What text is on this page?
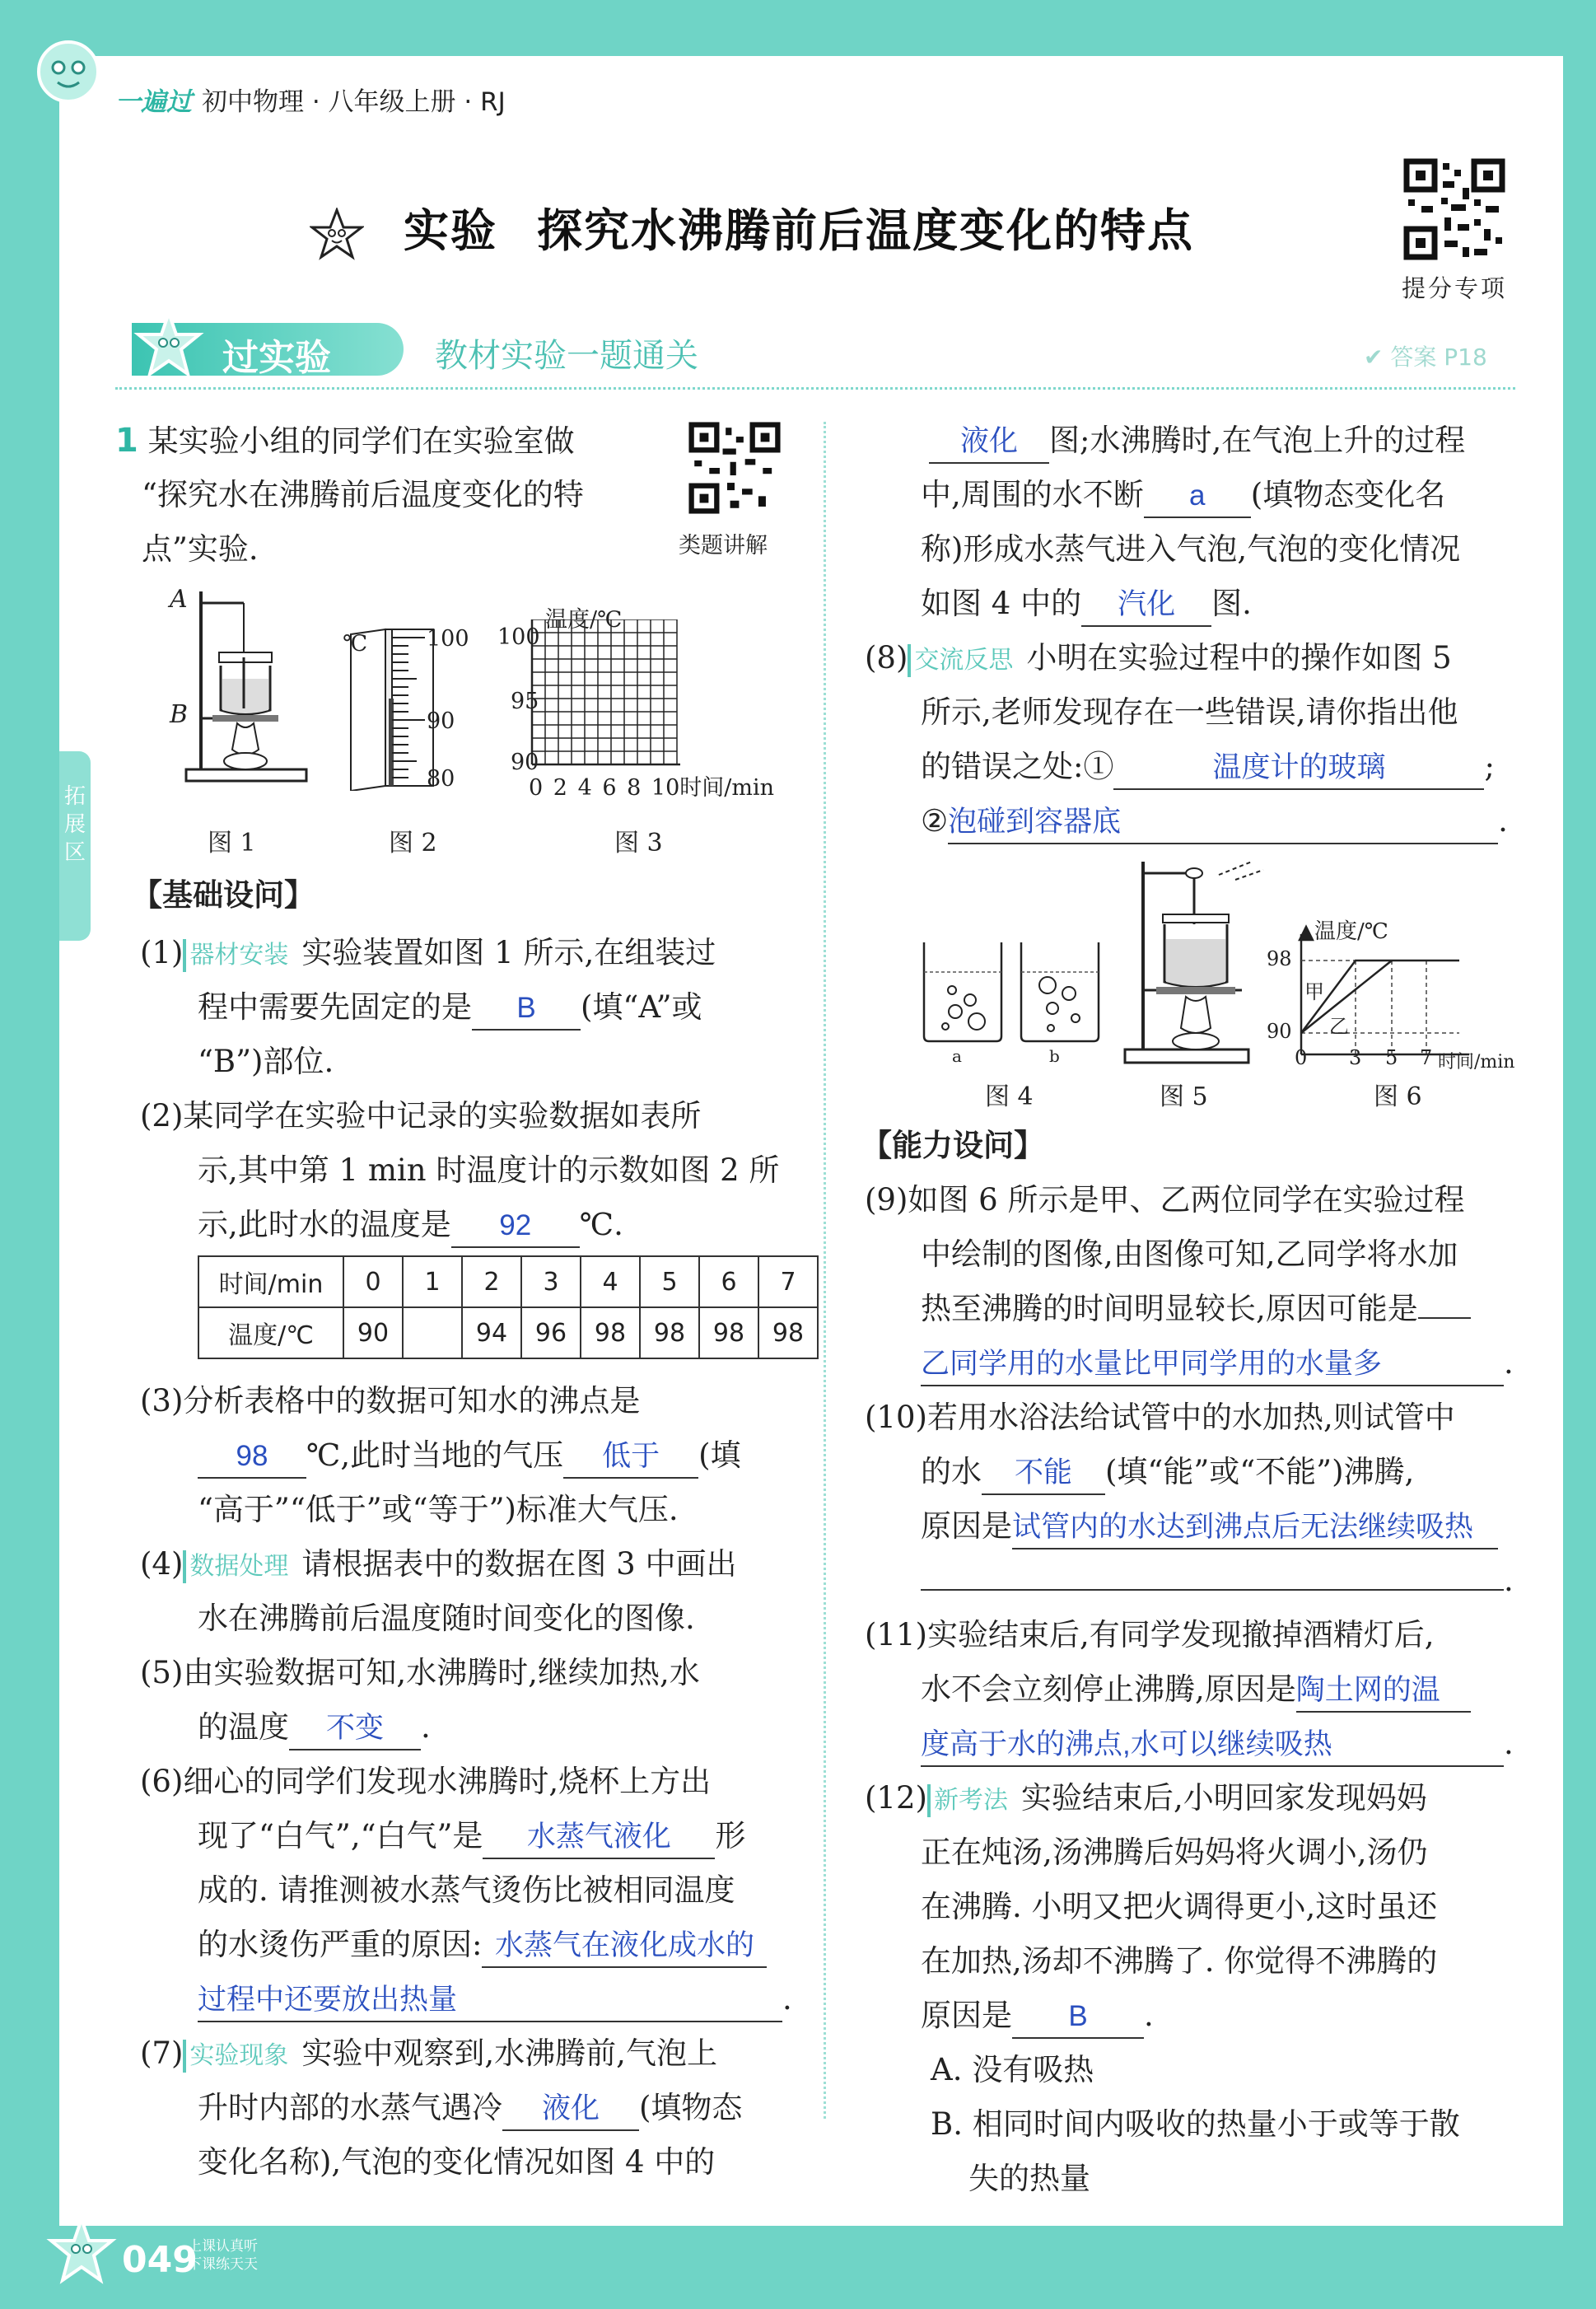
一遍过 初中物理 · 八年级上册 · RJ
实验 探究水沸腾前后温度变化的特点
提分专项
过实验	教材实验一题通关	✔ 答案 P18
拓展区
1 某实验小组的同学们在实验室做
“探究水在沸腾前后温度变化的特
点”实验.	类题讲解
A
B
℃	100
90
80
温度/℃
100
95
90
0 2 4 6 8 10时间/min
图 1	图 2	图 3
【基础设问】
(1) 器材安装 实验装置如图 1 所示,在组装过
程中需要先固定的是 B (填“A”或
“B”)部位.
(2)某同学在实验中记录的实验数据如表所
示,其中第 1 min 时温度计的示数如图 2 所
示,此时水的温度是 92 ℃.
时间/min	0	1	2	3	4	5	6	7
温度/℃	90		94	96	98	98	98	98
(3)分析表格中的数据可知水的沸点是
98 ℃,此时当地的气压 低于 (填
“高于”“低于”或“等于”)标准大气压.
(4) 数据处理 请根据表中的数据在图 3 中画出
水在沸腾前后温度随时间变化的图像.
(5)由实验数据可知,水沸腾时,继续加热,水
的温度 不变 .
(6)细心的同学们发现水沸腾时,烧杯上方出
现了“白气”,“白气”是 水蒸气液化 形
成的. 请推测被水蒸气烫伤比被相同温度
的水烫伤严重的原因: 水蒸气在液化成水的
过程中还要放出热量	.
(7) 实验现象 实验中观察到,水沸腾前,气泡上
升时内部的水蒸气遇冷 液化 (填物态
变化名称),气泡的变化情况如图 4 中的
液化 图;水沸腾时,在气泡上升的过程
中,周围的水不断 a (填物态变化名
称)形成水蒸气进入气泡,气泡的变化情况
如图 4 中的 汽化 图.
(8) 交流反思 小明在实验过程中的操作如图 5
所示,老师发现存在一些错误,请你指出他
的错误之处:①	温度计的玻璃	;
②泡碰到容器底	.
a	b
▲温度/℃
98
90
甲
乙
0 3 5 7 时间/min
图 4	图 5	图 6
【能力设问】
(9)如图 6 所示是甲、乙两位同学在实验过程
中绘制的图像,由图像可知,乙同学将水加
热至沸腾的时间明显较长,原因可能是
乙同学用的水量比甲同学用的水量多	.
(10)若用水浴法给试管中的水加热,则试管中
的水 不能 (填“能”或“不能”)沸腾,
原因是试管内的水达到沸点后无法继续吸热
.
(11)实验结束后,有同学发现撤掉酒精灯后,
水不会立刻停止沸腾,原因是陶土网的温
度高于水的沸点,水可以继续吸热	.
(12) 新考法 实验结束后,小明回家发现妈妈
正在炖汤,汤沸腾后妈妈将火调小,汤仍
在沸腾. 小明又把火调得更小,这时虽还
在加热,汤却不沸腾了. 你觉得不沸腾的
原因是 B .
A. 没有吸热
B. 相同时间内吸收的热量小于或等于散
失的热量
049
上课认真听
下课练天天
